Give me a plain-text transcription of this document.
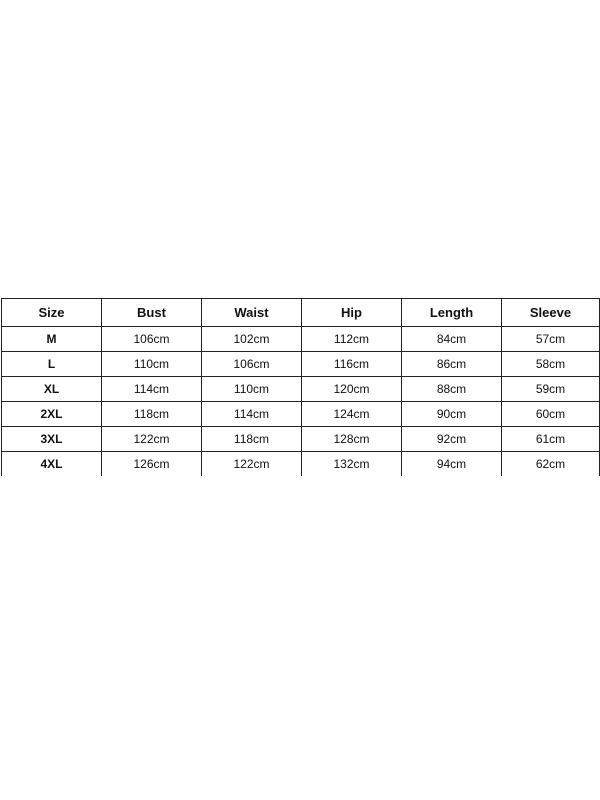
Size	Bust	Waist	Hip	Length	Sleeve
M	106cm	102cm	112cm	84cm	57cm
L	110cm	106cm	116cm	86cm	58cm
XL	114cm	110cm	120cm	88cm	59cm
2XL	118cm	114cm	124cm	90cm	60cm
3XL	122cm	118cm	128cm	92cm	61cm
4XL	126cm	122cm	132cm	94cm	62cm
